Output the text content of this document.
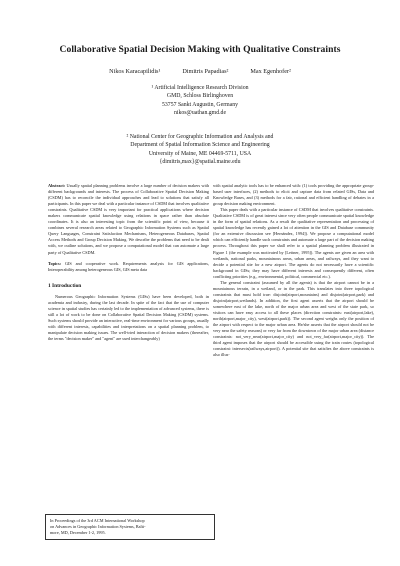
Collaborative Spatial Decision Making with Qualitative Constraints
Nikos Karacapilidis¹	Dimitris Papadias²	Max Egenhofer²
¹ Artificial Intelligence Research Division
GMD, Schloss Birlinghoven
53757 Sankt Augustin, Germany
nikos@uathan.gmd.de
² National Center for Geographic Information and Analysis and
Department of Spatial Information Science and Engineering
University of Maine, ME 04469-5711, USA
{dimitris,max}@spatial.maine.edu

Abstract: Usually spatial planning problems involve a large number of decision makers with different backgrounds and interests. The process of Collaborative Spatial Decision Making (CSDM) has to reconcile the individual approaches and lead to solutions that satisfy all participants. In this paper we deal with a particular instance of CSDM that involves qualitative constraints. Qualitative CSDM is very important for practical applications where decision makers communicate spatial knowledge using relations in space rather than absolute coordinates. It is also an interesting topic from the scientific point of view, because it combines several research areas related to Geographic Information Systems such as Spatial Query Languages, Constraint Satisfaction Mechanisms, Heterogeneous Databases, Spatial Access Methods and Group Decision Making. We describe the problems that need to be dealt with, we outline solutions, and we propose a computational model that can automate a large party of Qualitative CSDM.

Topics: GIS and cooperative work. Requirements analysis for GIS applications, Interoperability among heterogeneous GIS, GIS meta data

1 Introduction

Numerous Geographic Information Systems (GISs) have been developed, both in academia and industry, during the last decade. In spite of the fact that the use of computer science in spatial studies has certainly led to the implementation of advanced systems, there is still a lot of work to be done on Collaborative Spatial Decision Making (CSDM) systems. Such systems should provide an interactive, real-time environment for various groups, usually with different interests, capabilities and interpretations on a spatial planning problem, to manipulate decision making issues. The well-tried interaction of decision makers (thereafter, the terms "decision maker" and "agent" are used interchangeably)

with spatial analytic tools has to be enhanced with: (1) tools providing the appropriate group-based user interfaces, (2) methods to elicit and capture data from related GISs, Data and Knowledge Bases, and (3) methods for a fair, rational and efficient handling of debates in a group decision making environment.

This paper deals with a particular instance of CSDM that involves qualitative constraints. Qualitative CSDM is of great interest since very often people communicate spatial knowledge in the form of spatial relations. As a result the qualitative representation and processing of spatial knowledge has recently gained a lot of attention in the GIS and Database community (for an extensive discussion see [Hernández, 1994]). We propose a computational model which can efficiently handle such constraints and automate a large part of the decision making process. Throughout this paper we shall refer to a spatial planning problem illustrated in Figure 1 (the example was motivated by [Lettner, 1995]). The agents are given an area with wetlands, national parks, mountainous areas, urban areas, and railways, and they want to decide a potential site for a new airport. The agents do not necessarily have a scientific background in GISs; they may have different interests and consequently different, often conflicting priorities (e.g., environmental, political, commercial etc.).

The general constraint (assumed by all the agents) is that the airport cannot be in a mountainous terrain, in a wetland, or in the park. This translates into three topological constraints that must hold true: disjoint(airport,mountains) and disjoint(airport,park) and disjoint(airport,wetlands). In addition, the first agent asserts that the airport should be somewhere east of the lake, north of the major urban area and west of the state park, so visitors can have easy access to all these places (direction constraints: east(airport,lake), north(airport,major_city), west(airport,park)). The second agent weighs only the position of the airport with respect to the major urban area. He/she asserts that the airport should not be very near the safety reasons) or very far from the downtown of the major urban area (distance constraints: not_very_near(airport,major_city) and not_very_far(airport,major_city)). The third agent imposes that the airport should be accessible using the train routes (topological constraint: intersects(railways,airport)). A potential site that satisfies the above constraints is also illus-

In Proceedings of the 3rd ACM International Workshop
on Advances in Geographic Information Systems, Balti-
more, MD, December 1-2, 1995.
